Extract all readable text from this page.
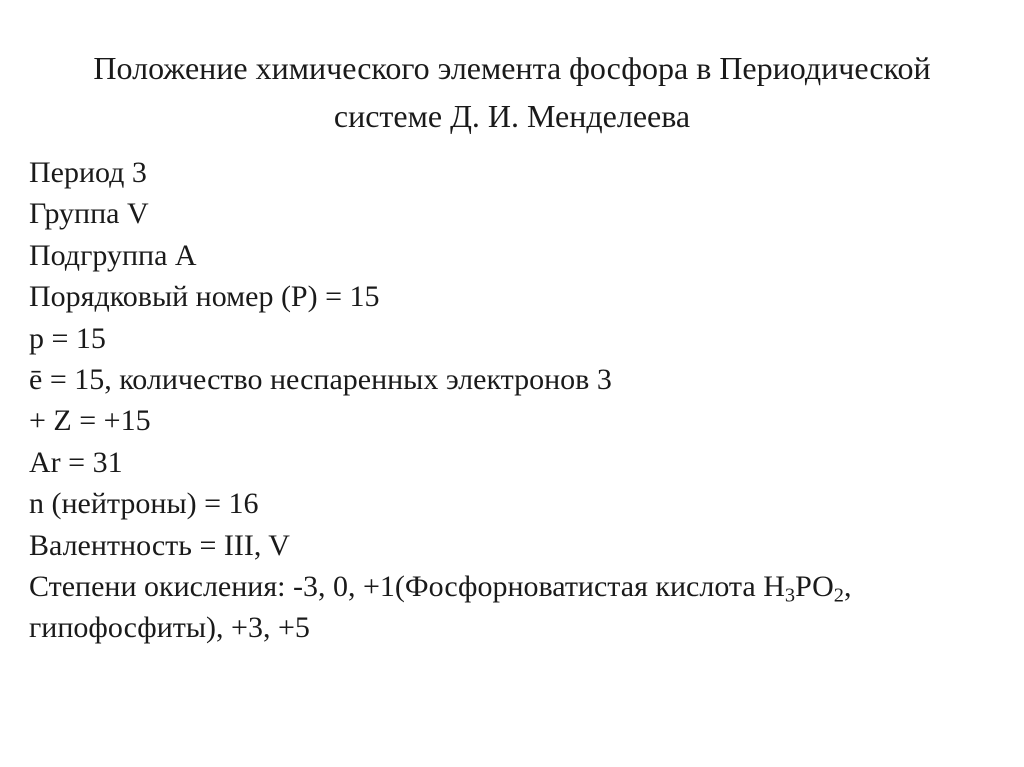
Положение химического элемента фосфора в Периодической
системе Д. И. Менделеева
Период 3
Группа V
Подгруппа А
Порядковый номер (Р) = 15
р = 15
ē = 15, количество неспаренных электронов 3
+ Z = +15
Ar = 31
n (нейтроны) = 16
Валентность = III, V
Степени окисления: -3, 0, +1(Фосфорноватистая кислота $Н_3РО_2$,
гипофосфиты), +3, +5
